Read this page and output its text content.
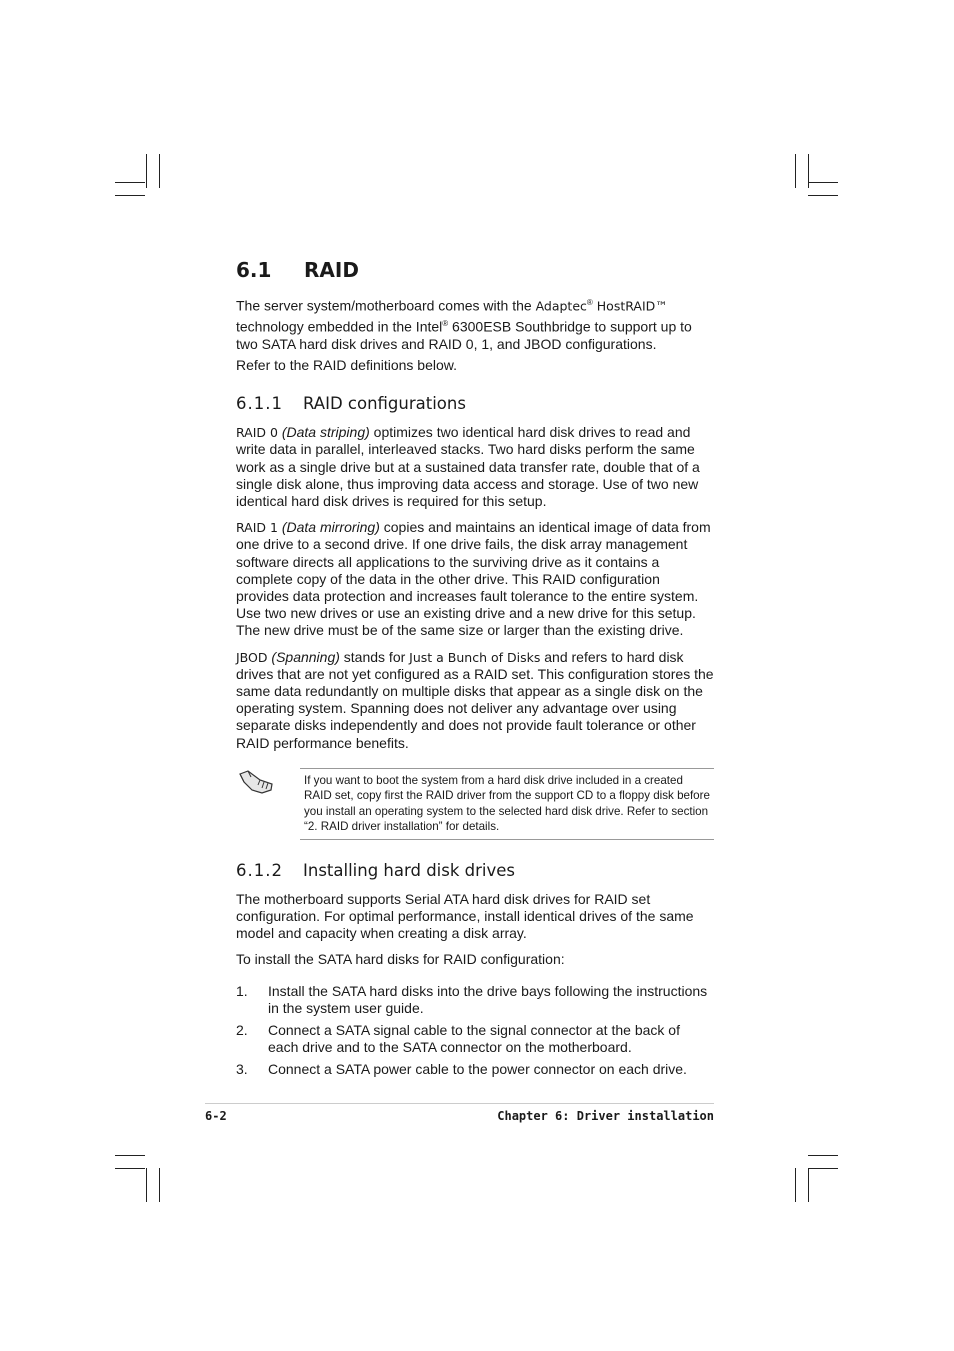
6.1 RAID

The server system/motherboard comes with the Adaptec® HostRAID™ technology embedded in the Intel® 6300ESB Southbridge to support up to two SATA hard disk drives and RAID 0, 1, and JBOD configurations.

Refer to the RAID definitions below.

6.1.1 RAID configurations

RAID 0 (Data striping) optimizes two identical hard disk drives to read and write data in parallel, interleaved stacks. Two hard disks perform the same work as a single drive but at a sustained data transfer rate, double that of a single disk alone, thus improving data access and storage. Use of two new identical hard disk drives is required for this setup.

RAID 1 (Data mirroring) copies and maintains an identical image of data from one drive to a second drive. If one drive fails, the disk array management software directs all applications to the surviving drive as it contains a complete copy of the data in the other drive. This RAID configuration provides data protection and increases fault tolerance to the entire system. Use two new drives or use an existing drive and a new drive for this setup. The new drive must be of the same size or larger than the existing drive.

JBOD (Spanning) stands for Just a Bunch of Disks and refers to hard disk drives that are not yet configured as a RAID set. This configuration stores the same data redundantly on multiple disks that appear as a single disk on the operating system. Spanning does not deliver any advantage over using separate disks independently and does not provide fault tolerance or other RAID performance benefits.

If you want to boot the system from a hard disk drive included in a created RAID set, copy first the RAID driver from the support CD to a floppy disk before you install an operating system to the selected hard disk drive. Refer to section “2. RAID driver installation” for details.
6.1.2 Installing hard disk drives

The motherboard supports Serial ATA hard disk drives for RAID set configuration. For optimal performance, install identical drives of the same model and capacity when creating a disk array.

To install the SATA hard disks for RAID configuration:

1. Install the SATA hard disks into the drive bays following the instructions in the system user guide.
2. Connect a SATA signal cable to the signal connector at the back of each drive and to the SATA connector on the motherboard.
3. Connect a SATA power cable to the power connector on each drive.
6-2	Chapter 6: Driver installation
